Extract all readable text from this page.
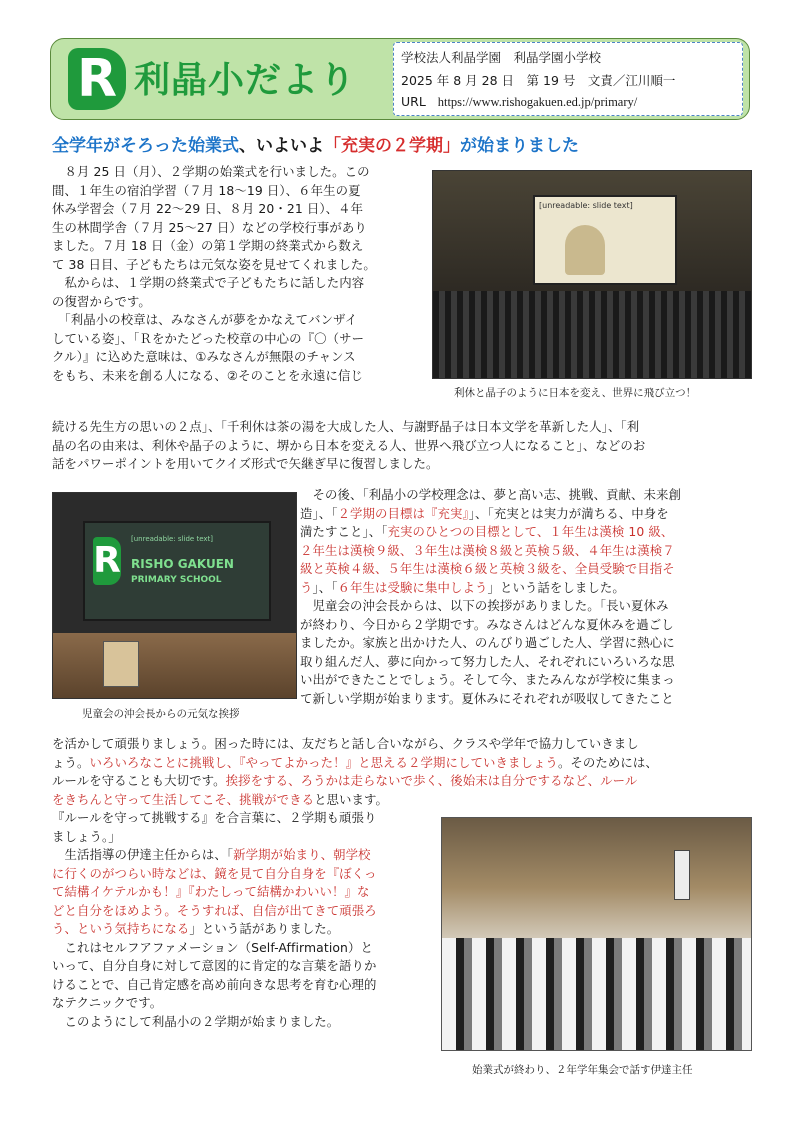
R 利晶小だより
学校法人利晶学園　利晶学園小学校
2025 年 8 月 28 日　第 19 号　文責／江川順一
URL https://www.rishogakuen.ed.jp/primary/
全学年がそろった始業式、いよいよ「充実の２学期」が始まりました
　８月 25 日（月）、２学期の始業式を行いました。この
間、１年生の宿泊学習（７月 18〜19 日）、６年生の夏
休み学習会（７月 22〜29 日、８月 20・21 日）、４年
生の林間学舎（７月 25〜27 日）などの学校行事があり
ました。７月 18 日（金）の第１学期の終業式から数え
て 38 日目、子どもたちは元気な姿を見せてくれました。
　私からは、１学期の終業式で子どもたちに話した内容
の復習からです。
　「利晶小の校章は、みなさんが夢をかなえてバンザイ
している姿」、「Ｒをかたどった校章の中心の『〇（サー
クル）』に込めた意味は、①みなさんが無限のチャンス
をもち、未来を創る人になる、②そのことを永遠に信じ
[unreadable: slide text]
利休と晶子のように日本を変え、世界に飛び立つ！
続ける先生方の思いの２点」、「千利休は茶の湯を大成した人、与謝野晶子は日本文学を革新した人」、「利
晶の名の由来は、利休や晶子のように、堺から日本を変える人、世界へ飛び立つ人になること」、などのお
話をパワーポイントを用いてクイズ形式で矢継ぎ早に復習しました。
R
[unreadable: slide text]
RISHO GAKUEN
PRIMARY SCHOOL
児童会の沖会長からの元気な挨拶
　その後、「利晶小の学校理念は、夢と高い志、挑戦、貢献、未来創
造」、「２学期の目標は『充実』」、「充実とは実力が満ちる、中身を
満たすこと」、「充実のひとつの目標として、１年生は漢検 10 級、
２年生は漢検９級、３年生は漢検８級と英検５級、４年生は漢検７
級と英検４級、５年生は漢検６級と英検３級を、全員受験で目指そ
う」、「６年生は受験に集中しよう」という話をしました。
　児童会の沖会長からは、以下の挨拶がありました。「長い夏休み
が終わり、今日から２学期です。みなさんはどんな夏休みを過ごし
ましたか。家族と出かけた人、のんびり過ごした人、学習に熱心に
取り組んだ人、夢に向かって努力した人、それぞれにいろいろな思
い出ができたことでしょう。そして今、またみんなが学校に集まっ
て新しい学期が始まります。夏休みにそれぞれが吸収してきたこと
を活かして頑張りましょう。困った時には、友だちと話し合いながら、クラスや学年で協力していきまし
ょう。いろいろなことに挑戦し、『やってよかった！』と思える２学期にしていきましょう。そのためには、
ルールを守ることも大切です。挨拶をする、ろうかは走らないで歩く、後始末は自分でするなど、ルール
をきちんと守って生活してこそ、挑戦ができると思います。
『ルールを守って挑戦する』を合言葉に、２学期も頑張り
ましょう。」
　生活指導の伊達主任からは、「新学期が始まり、朝学校
に行くのがつらい時などは、鏡を見て自分自身を『ぼくっ
て結構イケテルかも！』『わたしって結構かわいい！』な
どと自分をほめよう。そうすれば、自信が出てきて頑張ろ
う、という気持ちになる」という話がありました。
　これはセルフアファメーション（Self-Affirmation）と
いって、自分自身に対して意図的に肯定的な言葉を語りか
けることで、自己肯定感を高め前向きな思考を育む心理的
なテクニックです。
　このようにして利晶小の２学期が始まりました。
始業式が終わり、２年学年集会で話す伊達主任
